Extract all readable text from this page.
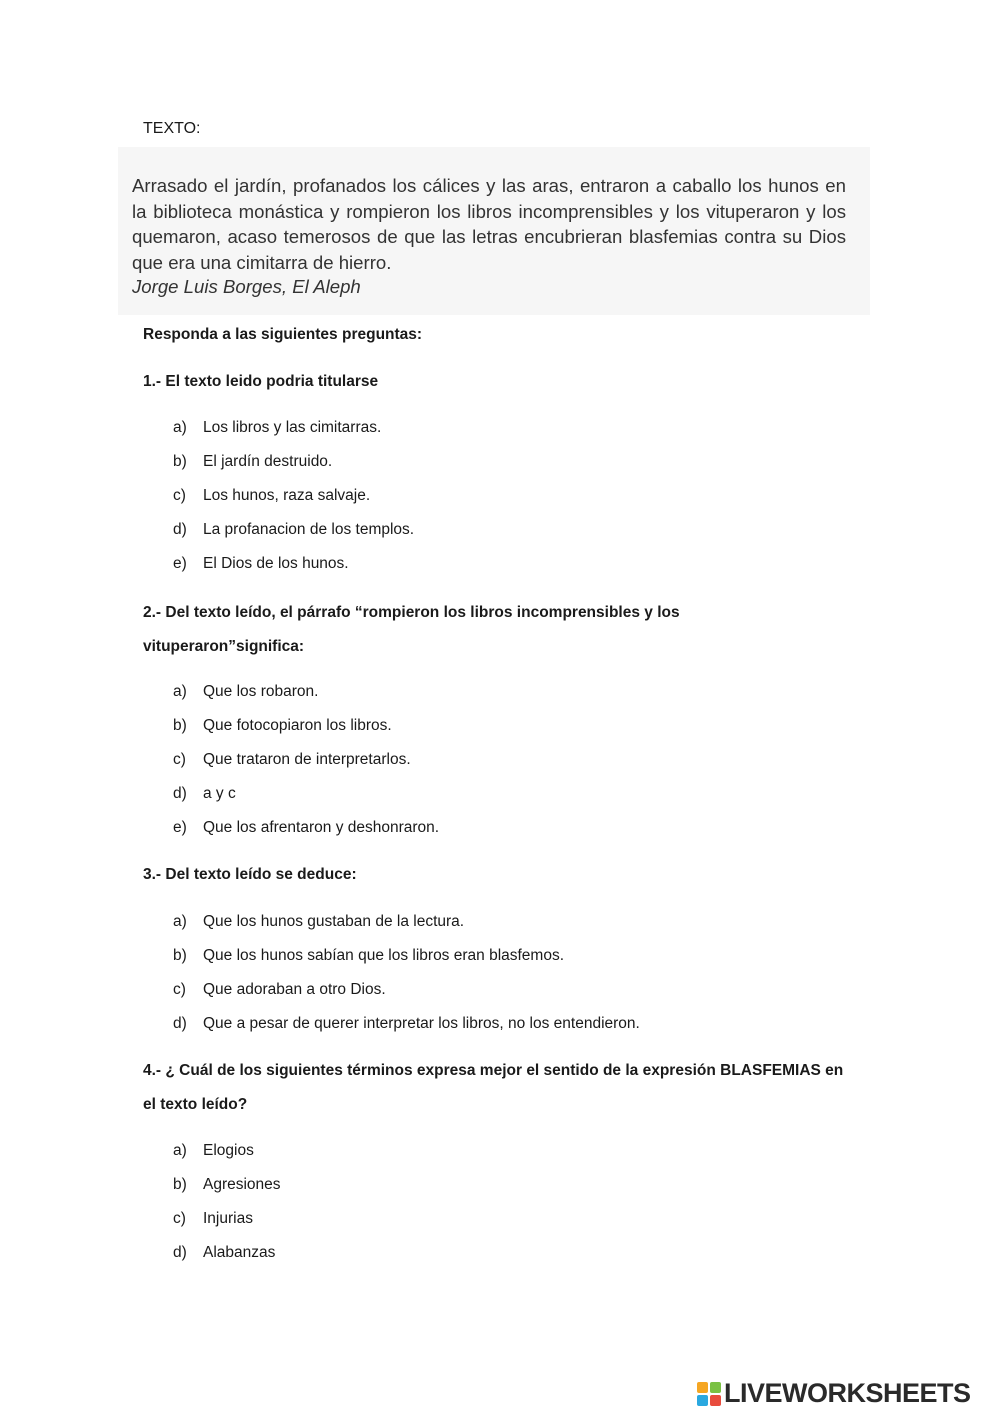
TEXTO:

Arrasado el jardín, profanados los cálices y las aras, entraron a caballo los hunos en la biblioteca monástica y rompieron los libros incomprensibles y los vituperaron y los quemaron, acaso temerosos de que las letras encubrieran blasfemias contra su Dios que era una cimitarra de hierro.

Jorge Luis Borges, El Aleph

Responda a las siguientes preguntas:
1.- El texto leido podria titularse
a)	Los libros y las cimitarras.
b)	El jardín destruido.
c)	Los hunos, raza salvaje.
d)	La profanacion de los templos.
e)	El Dios de los hunos.
2.- Del texto leído, el párrafo “rompieron los libros incomprensibles y los
vituperaron”significa:
a)	Que los robaron.
b)	Que fotocopiaron los libros.
c)	Que trataron de interpretarlos.
d)	a y c
e)	Que los afrentaron y deshonraron.
3.- Del texto leído se deduce:
a)	Que los hunos gustaban de la lectura.
b)	Que los hunos sabían que los libros eran blasfemos.
c)	Que adoraban a otro Dios.
d)	Que a pesar de querer interpretar los libros, no los entendieron.
4.- ¿ Cuál de los siguientes términos expresa mejor el sentido de la expresión BLASFEMIAS en
el texto leído?
a)	Elogios
b)	Agresiones
c)	Injurias
d)	Alabanzas
LIVEWORKSHEETS
